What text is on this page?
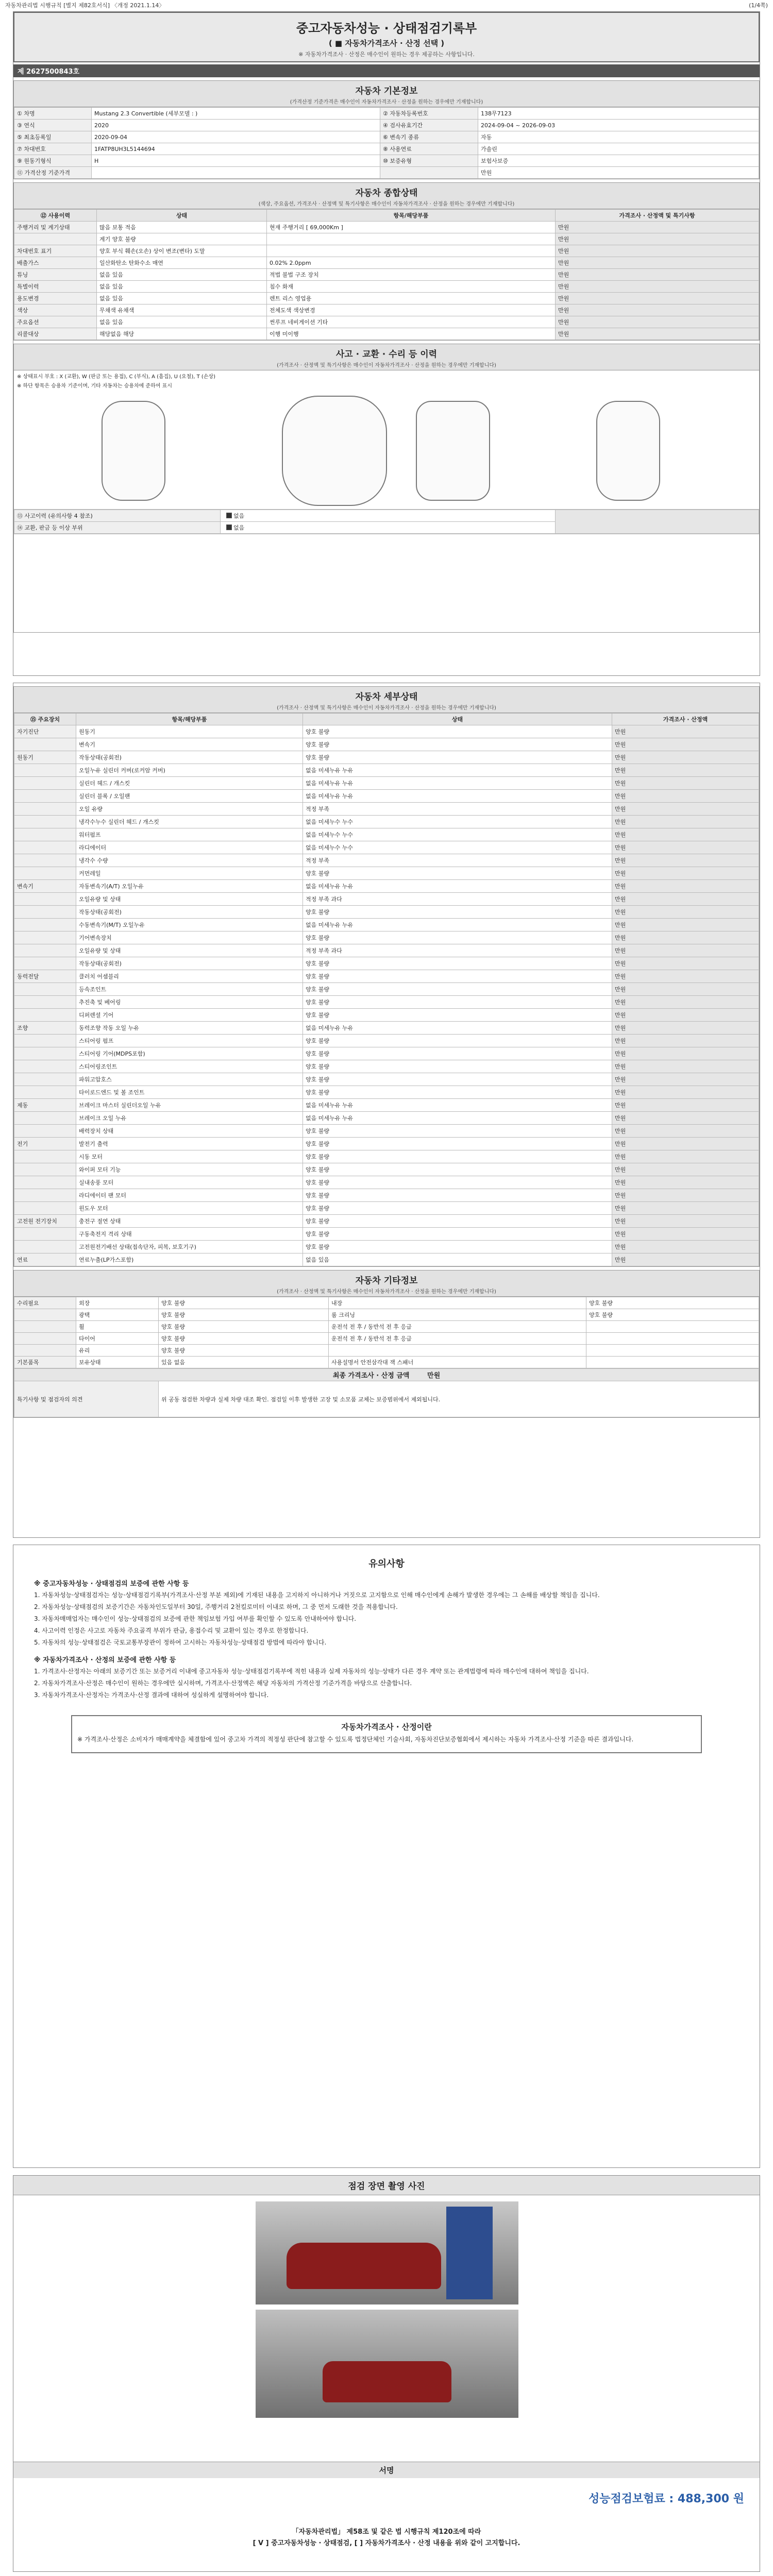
자동차관리법 시행규칙 [별지 제82호서식] 〈개정 2021.1.14〉	(1/4쪽)
중고자동차성능 · 상태점검기록부
( ■ 자동차가격조사 · 산정 선택 )
※ 자동차가격조사 · 산정은 매수인이 원하는 경우 제공하는 사항입니다.
제 2627500843호
자동차 기본정보
(가격산정 기준가격은 매수인이 자동차가격조사 · 산정을 원하는 경우에만 기재합니다)
① 차명	Mustang 2.3 Convertible (세부모델 : )	② 자동차등록번호	138무7123
③ 연식	2020	④ 검사유효기간	2024-09-04 ~ 2026-09-03
⑤ 최초등록일	2020-09-04	⑥ 변속기 종류	자동
⑦ 차대번호	1FATP8UH3L5144694	⑧ 사용연료	가솔린
⑨ 원동기형식	H	⑩ 보증유형	보험사보증
⑪ 가격산정 기준가격			만원
자동차 종합상태
(색상, 주요옵션, 가격조사 · 산정액 및 특기사항은 매수인이 자동차가격조사 · 산정을 원하는 경우에만 기재합니다)
⑫ 사용이력	상태	항목/해당부품	가격조사 · 산정액 및 특기사항
주행거리 및 계기상태	많음 보통 적음	현재 주행거리 [ 69,000Km ]	만원
	계기 양호 불량		만원
차대번호 표기	양호 부식 훼손(오손) 상이 변조(변타) 도말		만원
배출가스	일산화탄소 탄화수소 매연	0.02% 2.0ppm	만원
튜닝	없음 있음	적법 불법 구조 장치	만원
특별이력	없음 있음	침수 화재	만원
용도변경	없음 있음	렌트 리스 영업용	만원
색상	무채색 유채색	전체도색 색상변경	만원
주요옵션	없음 있음	썬루프 네비게이션 기타	만원
리콜대상	해당없음 해당	이행 미이행	만원
사고 · 교환 · 수리 등 이력
(가격조사 · 산정액 및 특기사항은 매수인이 자동차가격조사 · 산정을 원하는 경우에만 기재합니다)
※ 상태표시 부호 : X (교환), W (판금 또는 용접), C (부식), A (흠집), U (요철), T (손상)
※ 하단 항목은 승용차 기준이며, 기타 자동차는 승용차에 준하여 표시
⑬ 사고이력 (유의사항 4 참조)	없음	
⑭ 교환, 판금 등 이상 부위	없음	
자동차 세부상태
(가격조사 · 산정액 및 특기사항은 매수인이 자동차가격조사 · 산정을 원하는 경우에만 기재합니다)
⑮ 주요장치	항목/해당부품	상태	가격조사 · 산정액
자기진단	원동기	양호 불량	만원
	변속기	양호 불량	만원
원동기	작동상태(공회전)	양호 불량	만원
	오일누유 실린더 커버(로커암 커버)	없음 미세누유 누유	만원
	실린더 헤드 / 개스킷	없음 미세누유 누유	만원
	실린더 블록 / 오일팬	없음 미세누유 누유	만원
	오일 유량	적정 부족	만원
	냉각수누수 실린더 헤드 / 개스킷	없음 미세누수 누수	만원
	워터펌프	없음 미세누수 누수	만원
	라디에이터	없음 미세누수 누수	만원
	냉각수 수량	적정 부족	만원
	커먼레일	양호 불량	만원
변속기	자동변속기(A/T) 오일누유	없음 미세누유 누유	만원
	오일유량 및 상태	적정 부족 과다	만원
	작동상태(공회전)	양호 불량	만원
	수동변속기(M/T) 오일누유	없음 미세누유 누유	만원
	기어변속장치	양호 불량	만원
	오일유량 및 상태	적정 부족 과다	만원
	작동상태(공회전)	양호 불량	만원
동력전달	클러치 어셈블리	양호 불량	만원
	등속조인트	양호 불량	만원
	추진축 및 베어링	양호 불량	만원
	디퍼렌셜 기어	양호 불량	만원
조향	동력조향 작동 오일 누유	없음 미세누유 누유	만원
	스티어링 펌프	양호 불량	만원
	스티어링 기어(MDPS포함)	양호 불량	만원
	스티어링조인트	양호 불량	만원
	파워고압호스	양호 불량	만원
	타이로드엔드 및 볼 조인트	양호 불량	만원
제동	브레이크 마스터 실린더오일 누유	없음 미세누유 누유	만원
	브레이크 오일 누유	없음 미세누유 누유	만원
	배력장치 상태	양호 불량	만원
전기	발전기 출력	양호 불량	만원
	시동 모터	양호 불량	만원
	와이퍼 모터 기능	양호 불량	만원
	실내송풍 모터	양호 불량	만원
	라디에이터 팬 모터	양호 불량	만원
	윈도우 모터	양호 불량	만원
고전원 전기장치	충전구 절연 상태	양호 불량	만원
	구동축전지 격리 상태	양호 불량	만원
	고전원전기배선 상태(접속단자, 피복, 보호기구)	양호 불량	만원
연료	연료누출(LP가스포함)	없음 있음	만원
자동차 기타정보
(가격조사 · 산정액 및 특기사항은 매수인이 자동차가격조사 · 산정을 원하는 경우에만 기재합니다)
수리필요	외장	양호 불량	내장	양호 불량
	광택	양호 불량	룸 크리닝	양호 불량
	휠	양호 불량	운전석 전 후 / 동반석 전 후 응급	
	타이어	양호 불량	운전석 전 후 / 동반석 전 후 응급	
	유리	양호 불량		
기본품목	보유상태	있음 없음	사용설명서 안전삼각대 잭 스패너	
최종 가격조사 · 산정 금액	만원
특기사항 및 점검자의 의견	위 공동 점검한 차량과 실제 차량 대조 확인. 점검일 이후 발생한 고장 및 소모품 교체는 보증범위에서 제외됩니다.
유의사항
※ 중고자동차성능 · 상태점검의 보증에 관한 사항 등

1. 자동차성능·상태점검자는 성능·상태점검기록부(가격조사·산정 부분 제외)에 기재된 내용을 고지하지 아니하거나 거짓으로 고지함으로 인해 매수인에게 손해가 발생한 경우에는 그 손해를 배상할 책임을 집니다.

2. 자동차성능·상태점검의 보증기간은 자동차인도일부터 30일, 주행거리 2천킬로미터 이내로 하며, 그 중 먼저 도래한 것을 적용합니다.

3. 자동차매매업자는 매수인이 성능·상태점검의 보증에 관한 책임보험 가입 여부를 확인할 수 있도록 안내하여야 합니다.

4. 사고이력 인정은 사고로 자동차 주요골격 부위가 판금, 용접수리 및 교환이 있는 경우로 한정합니다.

5. 자동차의 성능·상태점검은 국토교통부장관이 정하여 고시하는 자동차성능·상태점검 방법에 따라야 합니다.

※ 자동차가격조사 · 산정의 보증에 관한 사항 등

1. 가격조사·산정자는 아래의 보증기간 또는 보증거리 이내에 중고자동차 성능·상태점검기록부에 적힌 내용과 실제 자동차의 성능·상태가 다른 경우 계약 또는 관계법령에 따라 매수인에 대하여 책임을 집니다.

2. 자동차가격조사·산정은 매수인이 원하는 경우에만 실시하며, 가격조사·산정액은 해당 자동차의 가격산정 기준가격을 바탕으로 산출합니다.

3. 자동차가격조사·산정자는 가격조사·산정 결과에 대하여 성실하게 설명하여야 합니다.

자동차가격조사 · 산정이란

※ 가격조사·산정은 소비자가 매매계약을 체결함에 있어 중고차 가격의 적정성 판단에 참고할 수 있도록 법정단체인 기술사회, 자동차진단보증협회에서 제시하는 자동차 가격조사·산정 기준을 따른 결과입니다.

점검 장면 촬영 사진
서명
성능점검보험료 : 488,300 원
「자동차관리법」 제58조 및 같은 법 시행규칙 제120조에 따라
[ V ] 중고자동차성능 · 상태점검, [ ] 자동차가격조사 · 산정 내용을 위와 같이 고지합니다.
